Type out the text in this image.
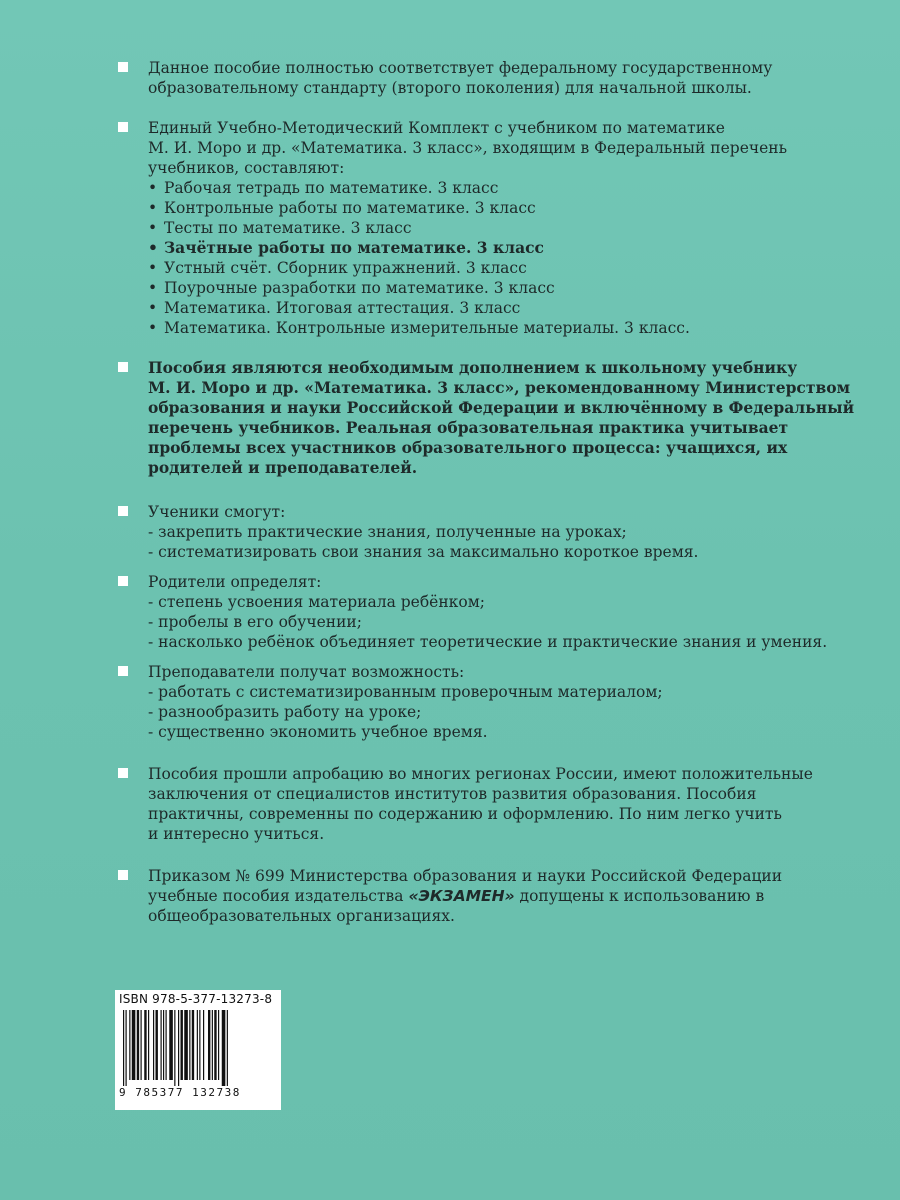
Данное пособие полностью соответствует федеральному государственному
образовательному стандарту (второго поколения) для начальной школы.
Единый Учебно-Методический Комплект с учебником по математике
М. И. Моро и др. «Математика. 3 класс», входящим в Федеральный перечень
учебников, составляют:
• Рабочая тетрадь по математике. 3 класс
• Контрольные работы по математике. 3 класс
• Тесты по математике. 3 класс
• Зачётные работы по математике. 3 класс
• Устный счёт. Сборник упражнений. 3 класс
• Поурочные разработки по математике. 3 класс
• Математика. Итоговая аттестация. 3 класс
• Математика. Контрольные измерительные материалы. 3 класс.
Пособия являются необходимым дополнением к школьному учебнику
М. И. Моро и др. «Математика. 3 класс», рекомендованному Министерством
образования и науки Российской Федерации и включённому в Федеральный
перечень учебников. Реальная образовательная практика учитывает
проблемы всех участников образовательного процесса: учащихся, их
родителей и преподавателей.
Ученики смогут:
- закрепить практические знания, полученные на уроках;
- систематизировать свои знания за максимально короткое время.
Родители определят:
- степень усвоения материала ребёнком;
- пробелы в его обучении;
- насколько ребёнок объединяет теоретические и практические знания и умения.
Преподаватели получат возможность:
- работать с систематизированным проверочным материалом;
- разнообразить работу на уроке;
- существенно экономить учебное время.
Пособия прошли апробацию во многих регионах России, имеют положительные
заключения от специалистов институтов развития образования. Пособия
практичны, современны по содержанию и оформлению. По ним легко учить
и интересно учиться.
Приказом № 699 Министерства образования и науки Российской Федерации
учебные пособия издательства «ЭКЗАМЕН» допущены к использованию в
общеобразовательных организациях.
ISBN 978-5-377-13273-8
9 785377 132738
